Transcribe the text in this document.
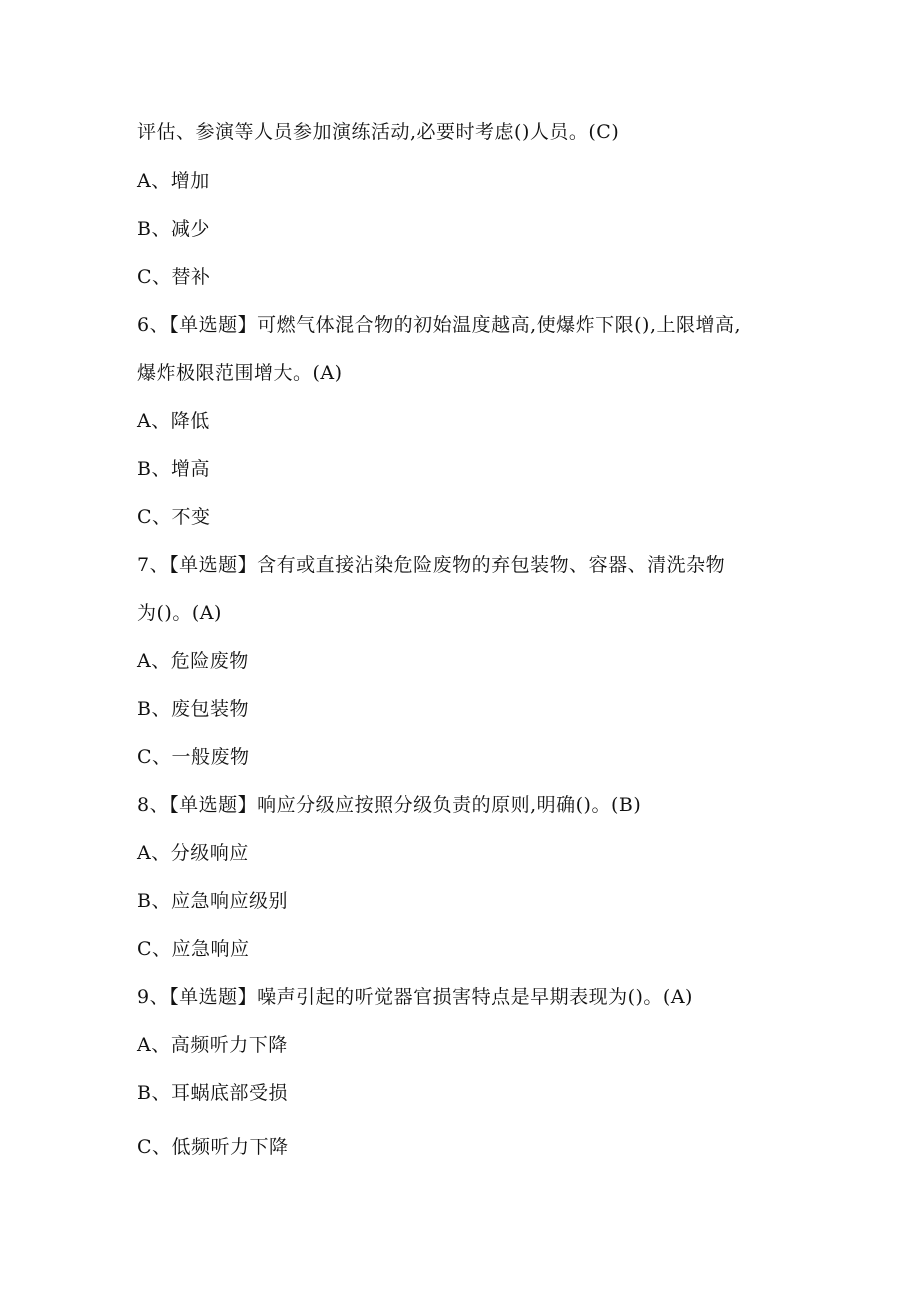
评估、参演等人员参加演练活动,必要时考虑()人员。(C)
A、增加
B、减少
C、替补
6、【单选题】可燃气体混合物的初始温度越高,使爆炸下限(),上限增高,
爆炸极限范围增大。(A)
A、降低
B、增高
C、不变
7、【单选题】含有或直接沾染危险废物的弃包装物、容器、清洗杂物
为()。(A)
A、危险废物
B、废包装物
C、一般废物
8、【单选题】响应分级应按照分级负责的原则,明确()。(B)
A、分级响应
B、应急响应级别
C、应急响应
9、【单选题】噪声引起的听觉器官损害特点是早期表现为()。(A)
A、高频听力下降
B、耳蜗底部受损
C、低频听力下降
